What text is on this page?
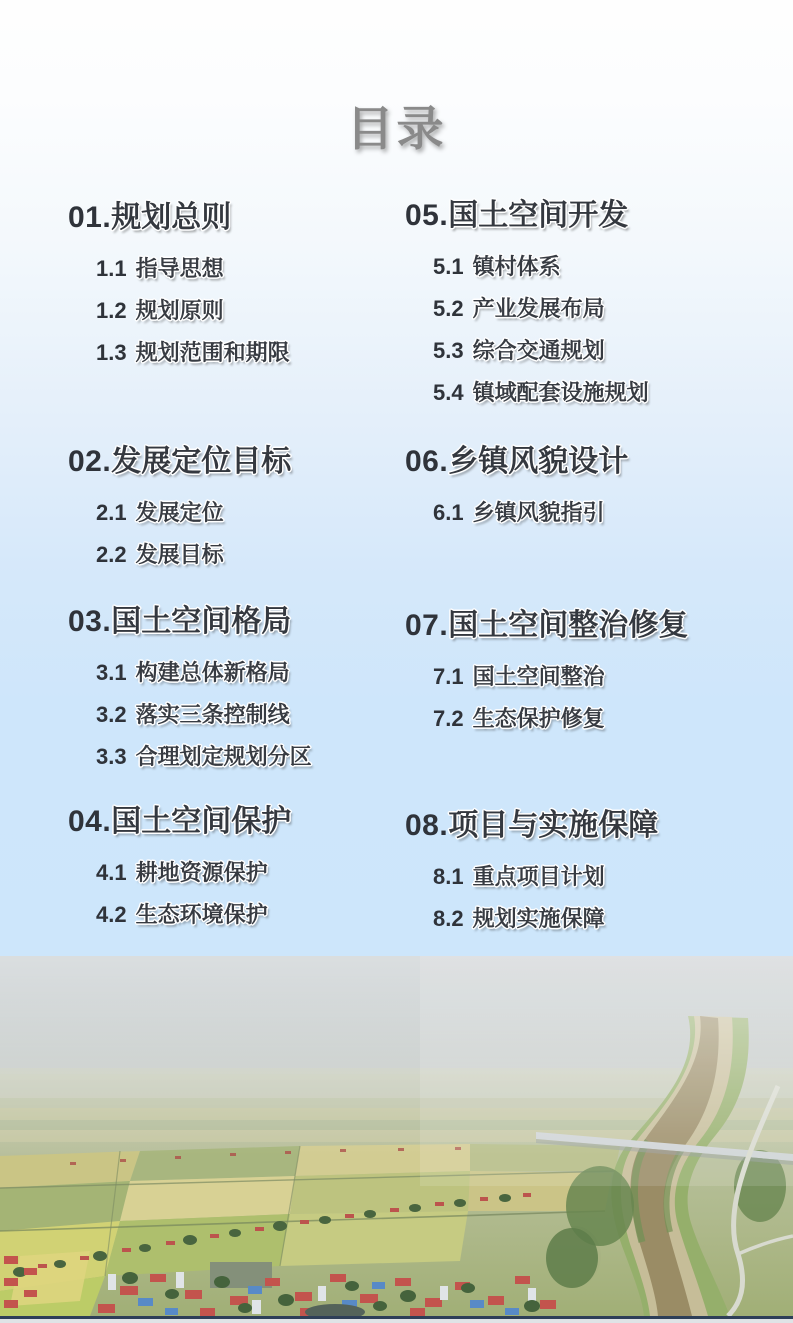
目录
01.规划总则
1.1 指导思想
1.2 规划原则
1.3 规划范围和期限
02.发展定位目标
2.1 发展定位
2.2 发展目标
03.国土空间格局
3.1 构建总体新格局
3.2 落实三条控制线
3.3 合理划定规划分区
04.国土空间保护
4.1 耕地资源保护
4.2 生态环境保护
05.国土空间开发
5.1 镇村体系
5.2 产业发展布局
5.3 综合交通规划
5.4 镇域配套设施规划
06.乡镇风貌设计
6.1 乡镇风貌指引
07.国土空间整治修复
7.1 国土空间整治
7.2 生态保护修复
08.项目与实施保障
8.1 重点项目计划
8.2 规划实施保障
